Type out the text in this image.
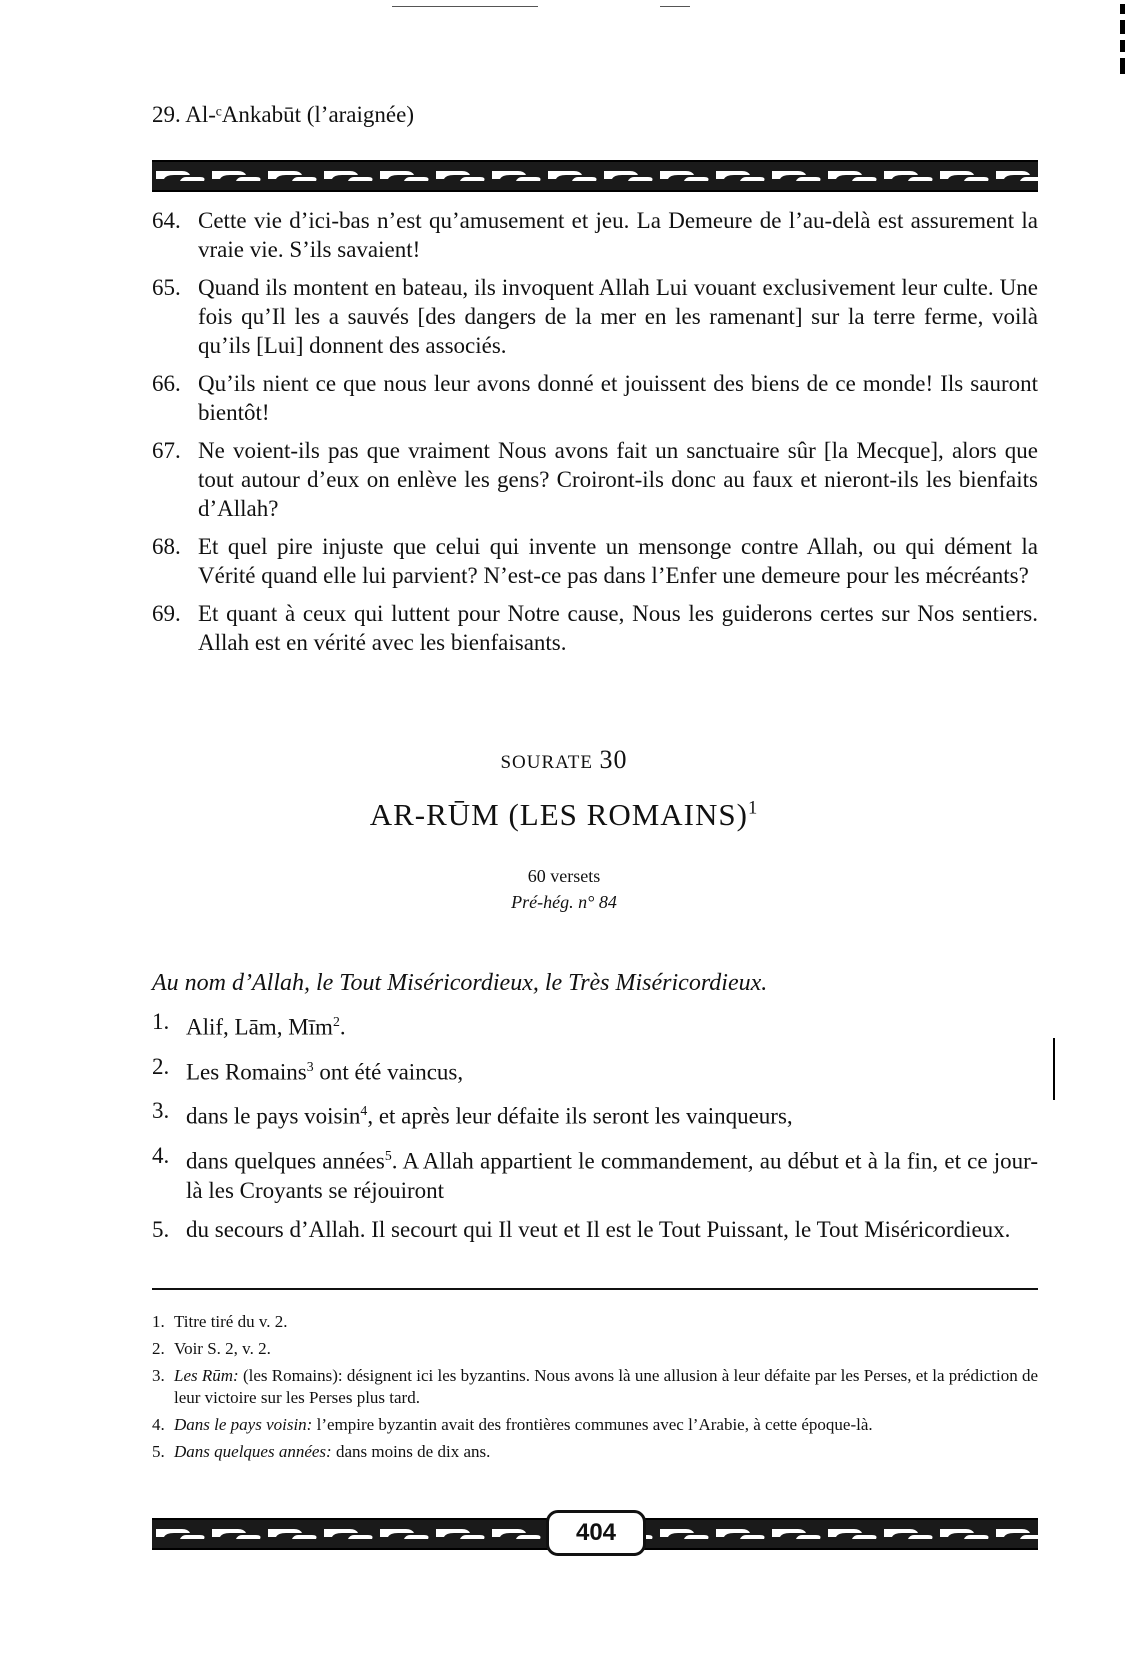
29. Al-ᶜAnkabūt (l’araignée)
64. Cette vie d’ici-bas n’est qu’amusement et jeu. La Demeure de l’au-delà est assurement la vraie vie. S’ils savaient!
65. Quand ils montent en bateau, ils invoquent Allah Lui vouant exclusivement leur culte. Une fois qu’Il les a sauvés [des dangers de la mer en les ramenant] sur la terre ferme, voilà qu’ils [Lui] donnent des associés.
66. Qu’ils nient ce que nous leur avons donné et jouissent des biens de ce monde! Ils sauront bientôt!
67. Ne voient-ils pas que vraiment Nous avons fait un sanctuaire sûr [la Mecque], alors que tout autour d’eux on enlève les gens? Croiront-ils donc au faux et nieront-ils les bienfaits d’Allah?
68. Et quel pire injuste que celui qui invente un mensonge contre Allah, ou qui dément la Vérité quand elle lui parvient? N’est-ce pas dans l’Enfer une demeure pour les mécréants?
69. Et quant à ceux qui luttent pour Notre cause, Nous les guiderons certes sur Nos sentiers. Allah est en vérité avec les bienfaisants.
SOURATE 30
AR-RŪM (LES ROMAINS)$^1$
60 versets
Pré-hég. n° 84
Au nom d’Allah, le Tout Miséricordieux, le Très Miséricordieux.
1. Alif, Lām, Mīm$^2$.
2. Les Romains$^3$ ont été vaincus,
3. dans le pays voisin$^4$, et après leur défaite ils seront les vainqueurs,
4. dans quelques années$^5$. A Allah appartient le commandement, au début et à la fin, et ce jour-là les Croyants se réjouiront
5. du secours d’Allah. Il secourt qui Il veut et Il est le Tout Puissant, le Tout Miséricordieux.
1. Titre tiré du v. 2.
2. Voir S. 2, v. 2.
3. Les Rūm: (les Romains): désignent ici les byzantins. Nous avons là une allusion à leur défaite par les Perses, et la prédiction de leur victoire sur les Perses plus tard.
4. Dans le pays voisin: l’empire byzantin avait des frontières communes avec l’Arabie, à cette époque-là.
5. Dans quelques années: dans moins de dix ans.
404
